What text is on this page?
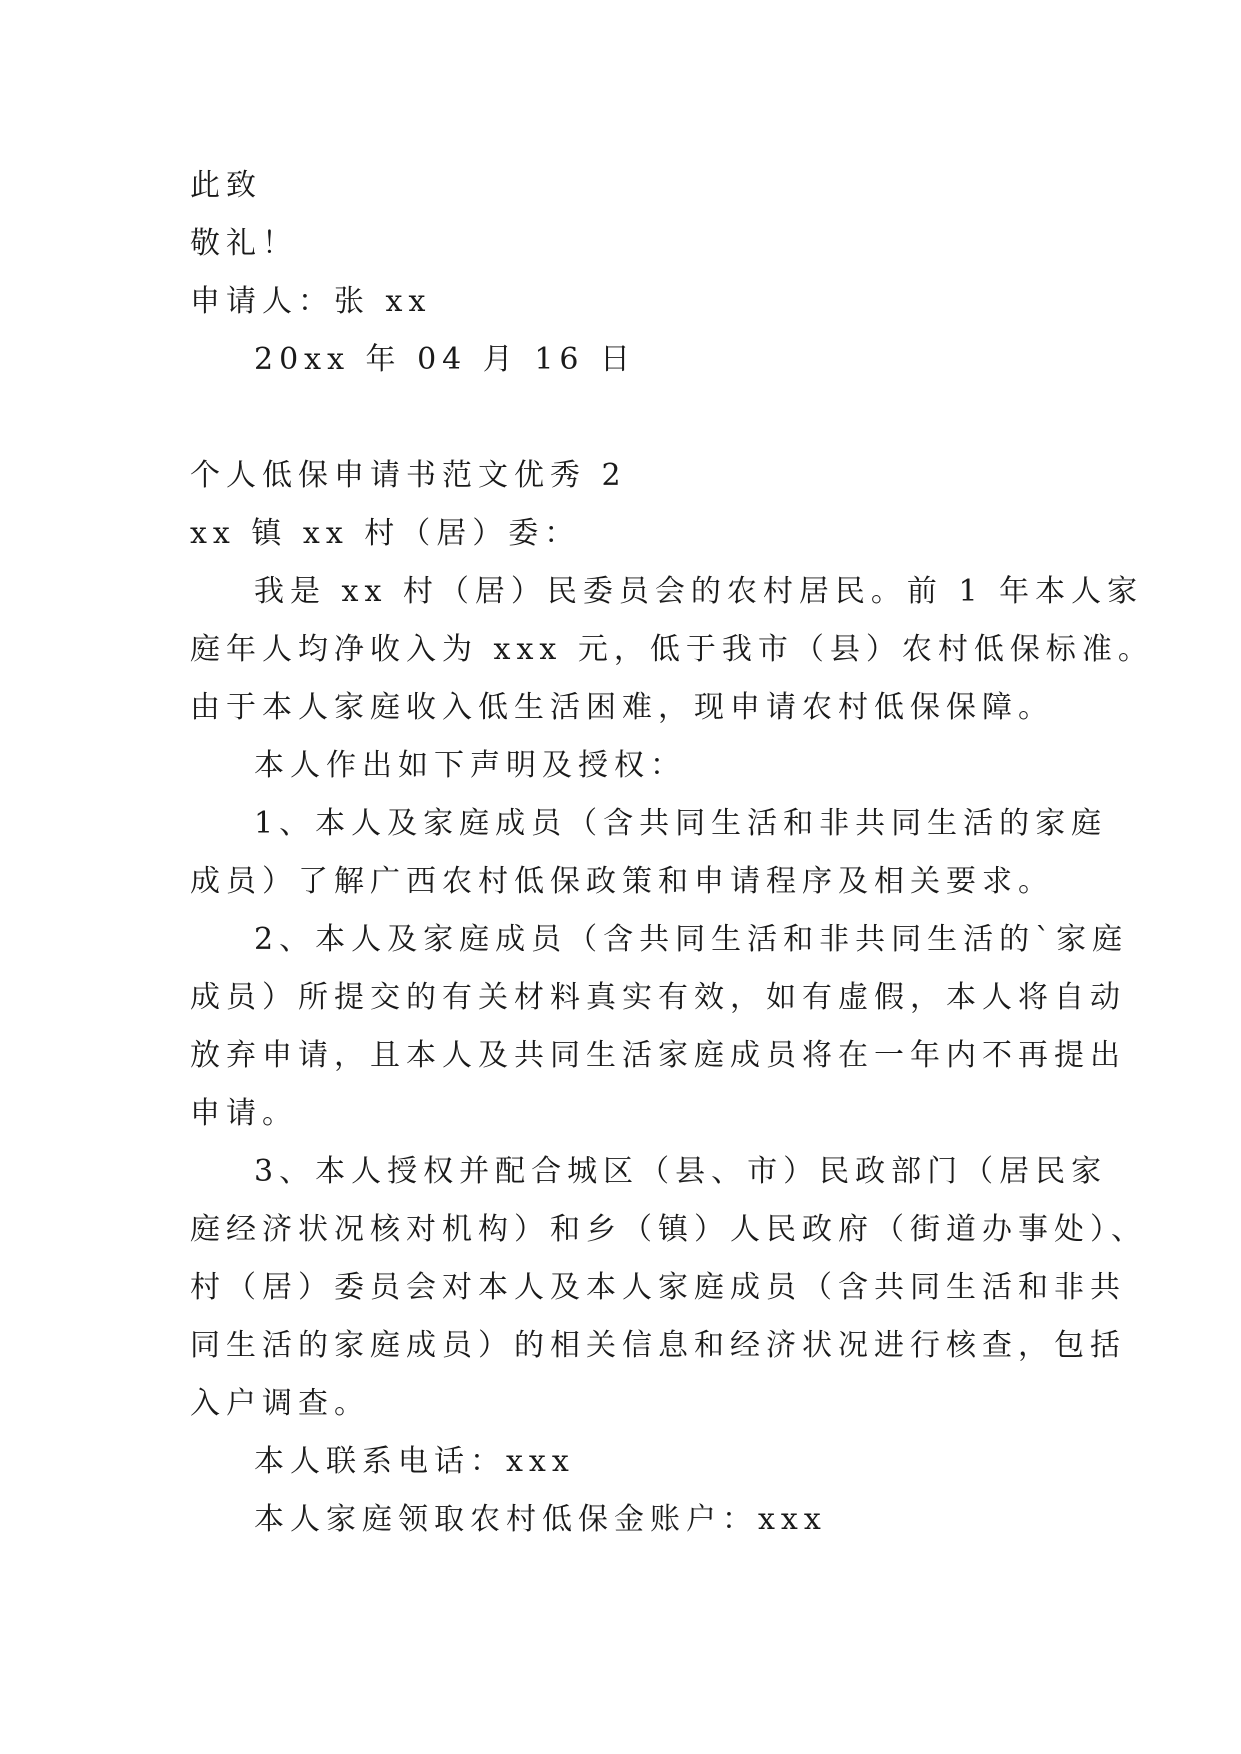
此致
敬礼！
申请人：张 xx
20xx 年 04 月 16 日
个人低保申请书范文优秀 2
xx 镇 xx 村（居）委：
我是 xx 村（居）民委员会的农村居民。前 1 年本人家
庭年人均净收入为 xxx 元，低于我市（县）农村低保标准。
由于本人家庭收入低生活困难，现申请农村低保保障。
本人作出如下声明及授权：
1、本人及家庭成员（含共同生活和非共同生活的家庭
成员）了解广西农村低保政策和申请程序及相关要求。
2、本人及家庭成员（含共同生活和非共同生活的`家庭
成员）所提交的有关材料真实有效，如有虚假，本人将自动
放弃申请，且本人及共同生活家庭成员将在一年内不再提出
申请。
3、本人授权并配合城区（县、市）民政部门（居民家
庭经济状况核对机构）和乡（镇）人民政府（街道办事处）、
村（居）委员会对本人及本人家庭成员（含共同生活和非共
同生活的家庭成员）的相关信息和经济状况进行核查，包括
入户调查。
本人联系电话：xxx
本人家庭领取农村低保金账户：xxx
